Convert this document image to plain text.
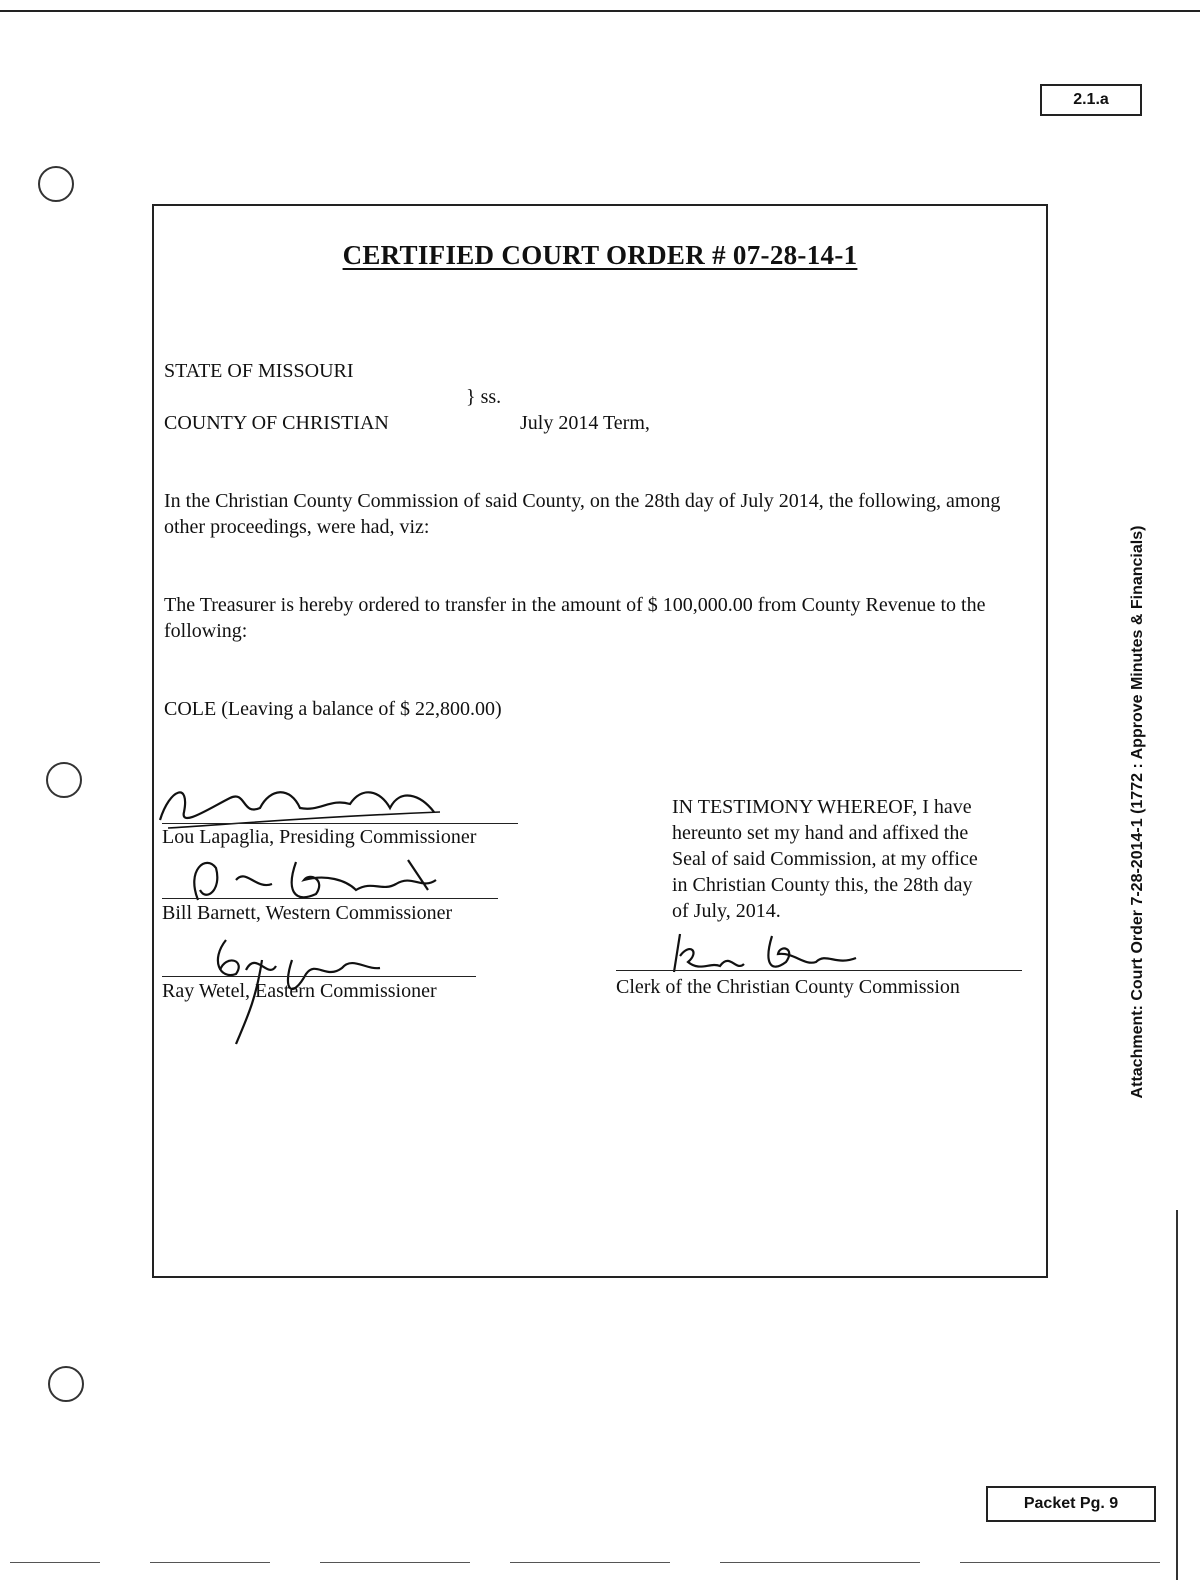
2.1.a
Attachment: Court Order 7-28-2014-1 (1772 : Approve Minutes & Financials)
CERTIFIED COURT ORDER # 07-28-14-1
STATE OF MISSOURI
} ss.
COUNTY OF CHRISTIAN	July 2014 Term,
In the Christian County Commission of said County, on the 28th day of July 2014, the following, among other proceedings, were had, viz:
The Treasurer is hereby ordered to transfer in the amount of $ 100,000.00 from County Revenue to the following:
COLE (Leaving a balance of $ 22,800.00)
Lou Lapaglia, Presiding Commissioner
Bill Barnett, Western Commissioner
Ray Wetel, Eastern Commissioner
IN TESTIMONY WHEREOF, I have
hereunto set my hand and affixed the
Seal of said Commission, at my office
in Christian County this, the 28th day
of July, 2014.
Clerk of the Christian County Commission
Packet Pg. 9
